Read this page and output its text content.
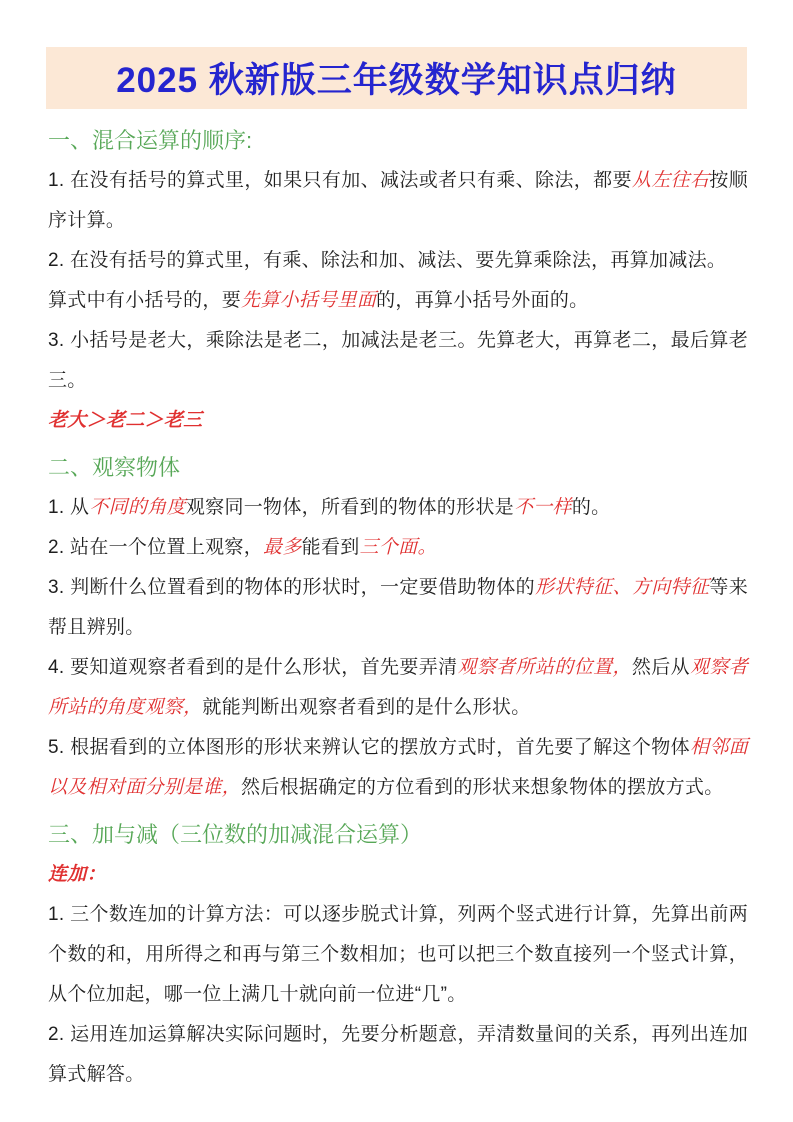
2025 秋新版三年级数学知识点归纳
一、混合运算的顺序:

1. 在没有括号的算式里，如果只有加、减法或者只有乘、除法，都要从左往右按顺序计算。

2. 在没有括号的算式里，有乘、除法和加、减法、要先算乘除法，再算加减法。

算式中有小括号的，要先算小括号里面的，再算小括号外面的。

3. 小括号是老大，乘除法是老二，加减法是老三。先算老大，再算老二，最后算老三。

老大＞老二＞老三

二、观察物体

1. 从不同的角度观察同一物体，所看到的物体的形状是不一样的。

2. 站在一个位置上观察，最多能看到三个面。

3. 判断什么位置看到的物体的形状时，一定要借助物体的形状特征、方向特征等来帮且辨别。

4. 要知道观察者看到的是什么形状，首先要弄清观察者所站的位置，然后从观察者所站的角度观察，就能判断出观察者看到的是什么形状。

5. 根据看到的立体图形的形状来辨认它的摆放方式时，首先要了解这个物体相邻面以及相对面分别是谁，然后根据确定的方位看到的形状来想象物体的摆放方式。

三、加与减（三位数的加减混合运算）

连加：

1. 三个数连加的计算方法：可以逐步脱式计算，列两个竖式进行计算，先算出前两个数的和，用所得之和再与第三个数相加；也可以把三个数直接列一个竖式计算，从个位加起，哪一位上满几十就向前一位进“几”。

2. 运用连加运算解决实际问题时，先要分析题意，弄清数量间的关系，再列出连加算式解答。
